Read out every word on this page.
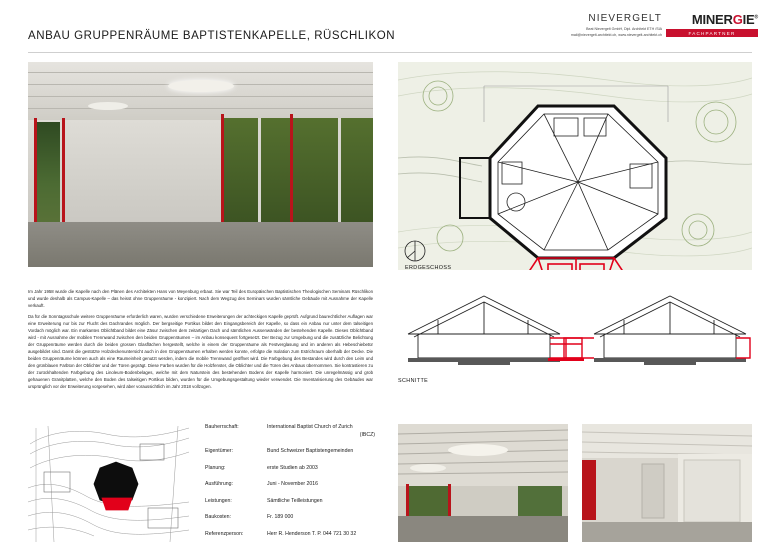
ANBAU GRUPPENRÄUME BAPTISTENKAPELLE, RÜSCHLIKON
NIEVERGELT
Beat Nievergelt GmbH, Dipl. Architekt ETH /SIA
mail@nievergelt-architekt.ch, www.nievergelt-architekt.ch
MINERGIE®
FACHPARTNER

Im Jahr 1958 wurde die Kapelle nach den Plänen des Architekten Hans von Meyenburg erbaut. Sie war Teil des Europäischen Baptistischen Theologischen Seminars Rüschlikon und wurde deshalb als Campus-Kapelle – das heisst ohne Gruppenräume - konzipiert. Nach dem Wegzug des Seminars wurden sämtliche Gebäude mit Ausnahme der Kapelle verkauft.

Da für die Sonntagsschule weitere Gruppenräume erforderlich waren, wurden verschiedene Erweiterungen der achteckigen Kapelle geprüft. Aufgrund baurechtlicher Auflagen war eine Erweiterung nur bis zur Flucht des Dachrandes möglich. Der bergseitige Portikus bildet den Eingangsbereich der Kapelle, so dass ein Anbau nur unter dem talseitigen Vordach möglich war. Ein markantes Oblichtband bildet eine Zäsur zwischen dem zeitartigen Dach und sämtlichen Aussenwänden der bestehenden Kapelle. Dieses Oblichtband wird - mit Ausnahme der mobilen Trennwand zwischen den beiden Gruppenräumen – im Anbau konsequent fortgesetzt. Der Bezug zur Umgebung und die zusätzliche Belichtung der Gruppenräume werden durch die beiden grossen Glasflächen hergestellt, welche in einem der Gruppenräume als Festverglasung und im anderen als Hebeschiebetür ausgebildet sind. Damit die gestützte Holzdeckenuntersicht auch in den Gruppenräumen erhalten werden konnte, erfolgte die Isolation zum Estrichraum oberhalb der Decke. Die beiden Gruppenräume können auch als eine Raumeinheit genutzt werden, indem die mobile Trennwand geöffnet wird. Die Farbgebung des Bestandes wird durch den Leim und den grünblauen Farbton der Oblichter und der Türen geprägt. Diese Farben wurden für die Holzfenster, die Oblichter und die Türen des Anbaus übernommen. Sie kontrastieren zu der zurückhaltenden Farbgebung des Linoleum-Bodenbelages, welche mit dem Naturstein des bestehenden Bodens der Kapelle harmoniert. Die unregelmässig und grob gehauenen Granitplatten, welche den Boden des talseitigen Portikus bilden, wurden für die Umgebungsgestaltung wieder verwendet. Die Inventarisierung des Gebäudes war ursprünglich vor der Erweiterung vorgesehen, wird aber voraussichtlich im Jahr 2018 vollzogen.

Bauherrschaft:	International Baptist Church of Zurich
(IBCZ)
Eigentümer:	Bund Schweizer Baptistengemeinden
Planung:	erste Studien ab 2003
Ausführung:	Juni - November 2016
Leistungen:	Sämtliche Teilleistungen
Baukosten:	Fr. 189 000
Referenzperson:	Herr R. Henderson T. P. 044 721 30 32
ERDGESCHOSS
SCHNITTE
